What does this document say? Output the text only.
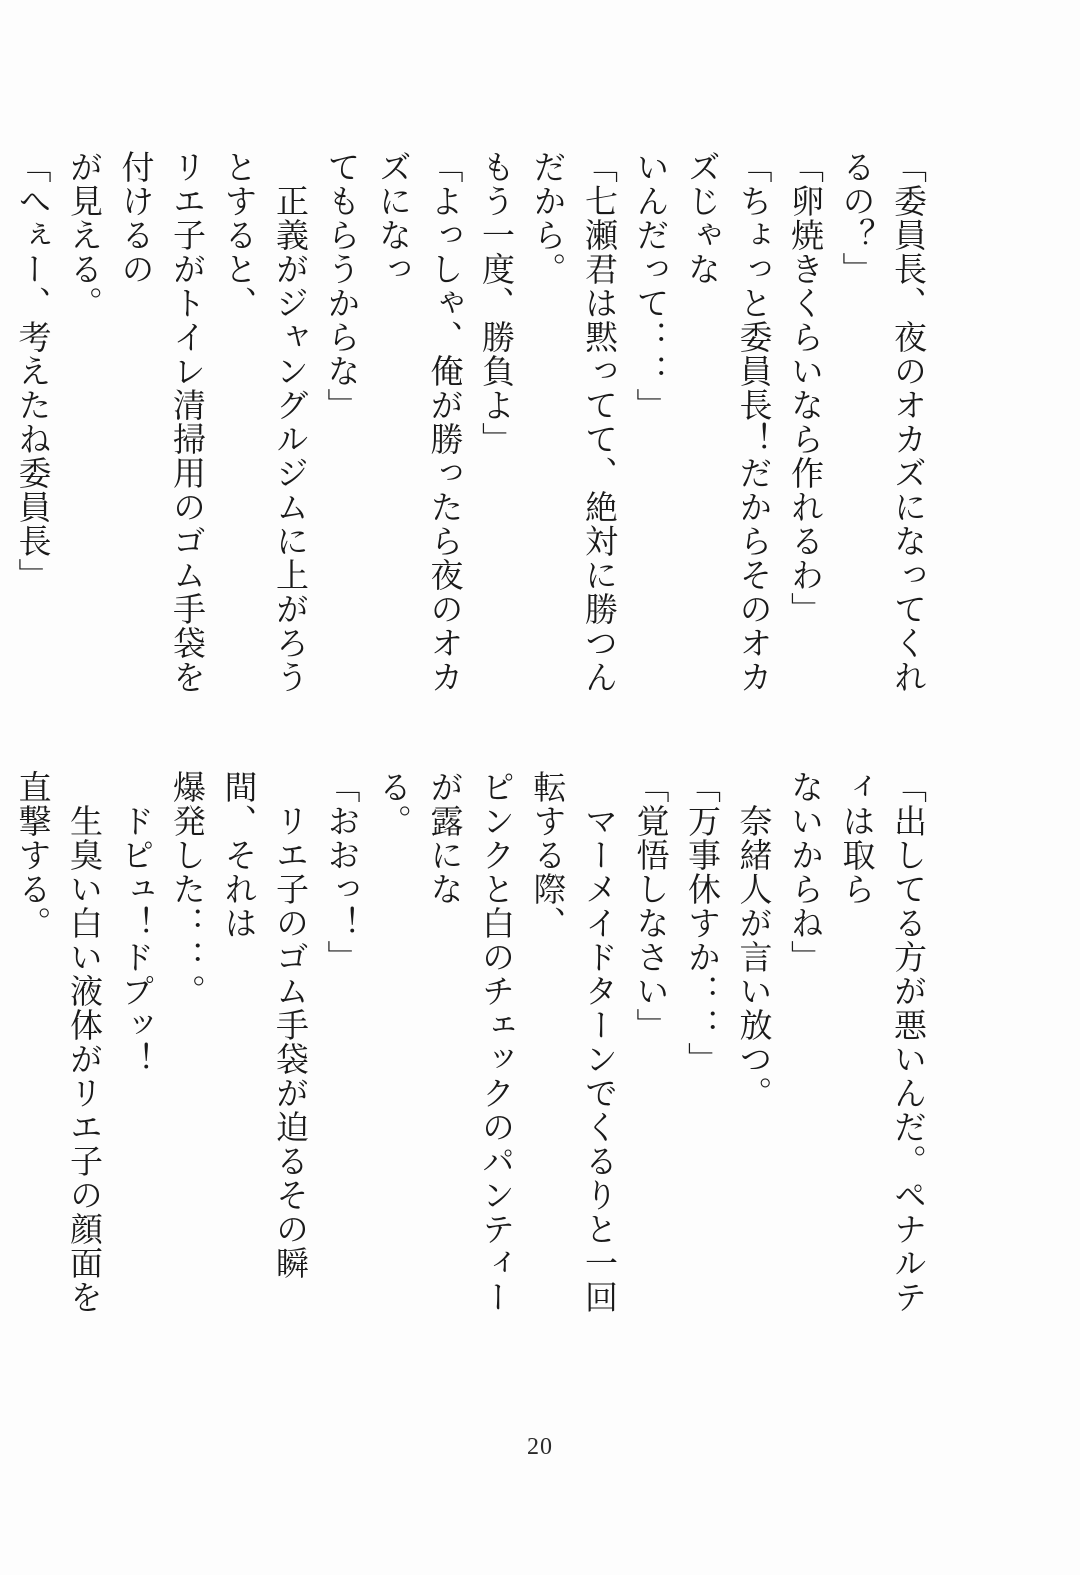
「委員長、夜のオカズになってくれるの？」

「卵焼きくらいなら作れるわ」

「ちょっと委員長！だからそのオカズじゃな

いんだって：：」

「七瀬君は黙ってて、絶対に勝つんだから。

もう一度、勝負よ」

「よっしゃ、俺が勝ったら夜のオカズになっ

てもらうからな」

　正義がジャングルジムに上がろうとすると、

リエ子がトイレ清掃用のゴム手袋を付けるの

が見える。

「へぇー、考えたね委員長」

「出してる方が悪いんだ。ペナルティは取ら

ないからね」

　奈緒人が言い放つ。

「万事休すか：：」

「覚悟しなさい」

　マーメイドターンでくるりと一回転する際、

ピンクと白のチェックのパンティーが露にな

る。

「おおっ！」

　リエ子のゴム手袋が迫るその瞬間、それは

爆発した：：。

　ドピュ！ドプッ！

　生臭い白い液体がリエ子の顔面を直撃する。

20
